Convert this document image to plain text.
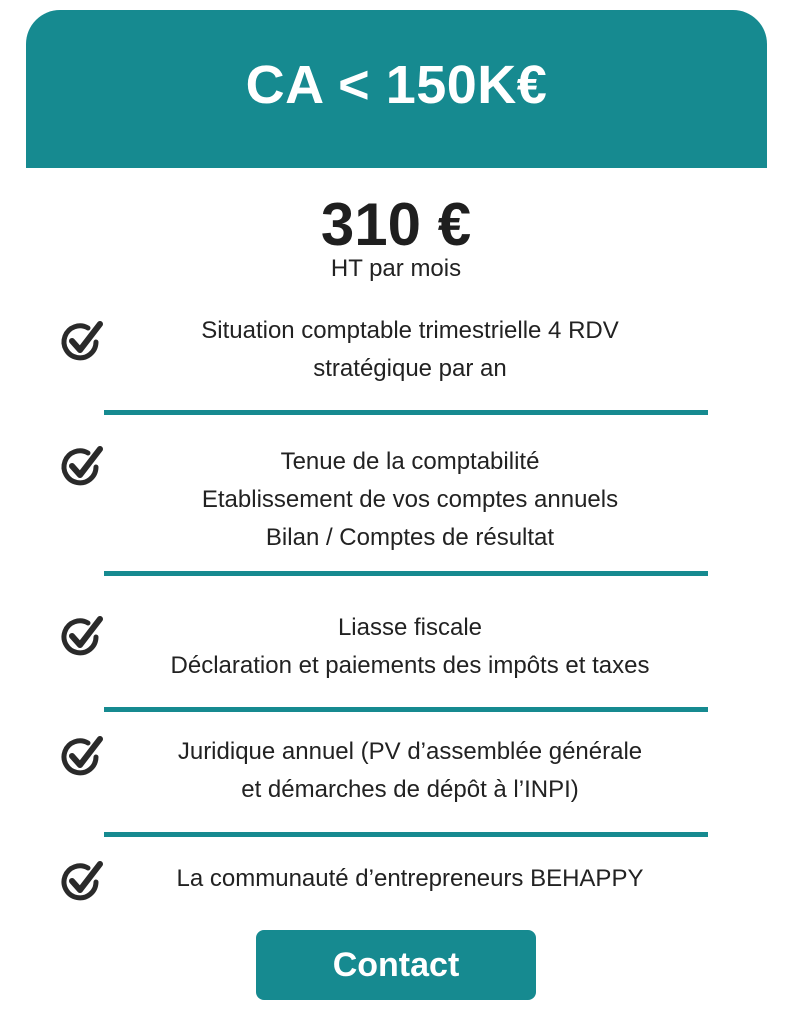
CA < 150K€
310 €
HT par mois
Situation comptable trimestrielle 4 RDV
stratégique par an
Tenue de la comptabilité
Etablissement de vos comptes annuels
Bilan / Comptes de résultat
Liasse fiscale
Déclaration et paiements des impôts et taxes
Juridique annuel (PV d’assemblée générale
et démarches de dépôt à l’INPI)
La communauté d’entrepreneurs BEHAPPY
Contact
